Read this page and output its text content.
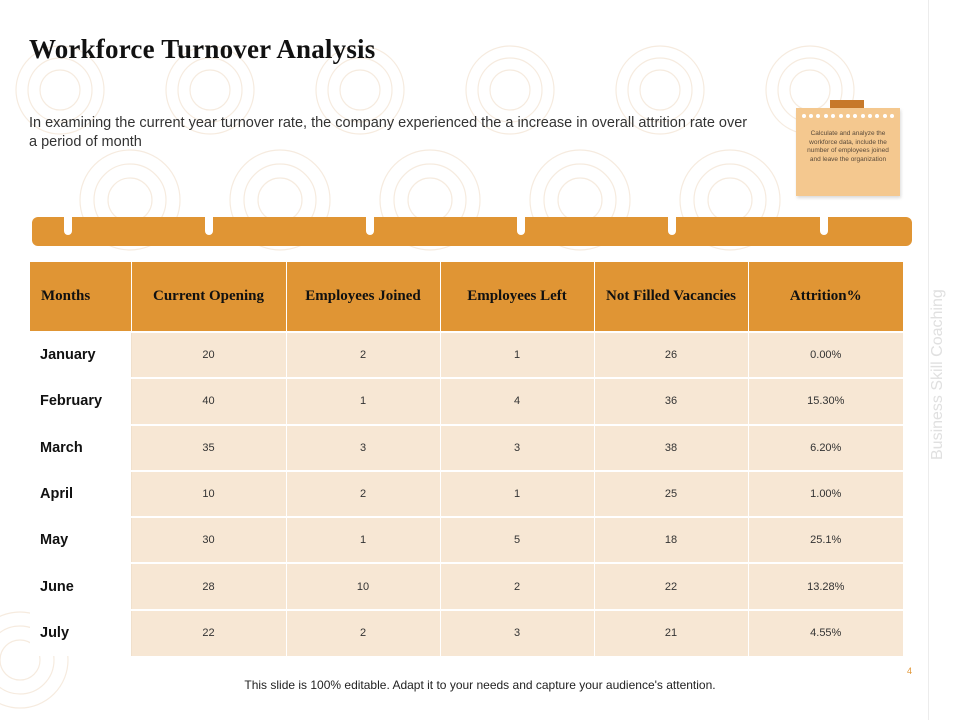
Business Skill Coaching
Workforce Turnover Analysis
In examining the current year turnover rate, the company experienced the a increase in overall attrition rate over a period of month
Calculate and analyze the workforce data, include the number of employees joined and leave the organization
Months	Current Opening	Employees Joined	Employees Left	Not Filled Vacancies	Attrition%
January	20	2	1	26	0.00%
February	40	1	4	36	15.30%
March	35	3	3	38	6.20%
April	10	2	1	25	1.00%
May	30	1	5	18	25.1%
June	28	10	2	22	13.28%
July	22	2	3	21	4.55%
4
This slide is 100% editable. Adapt it to your needs and capture your audience's attention.
